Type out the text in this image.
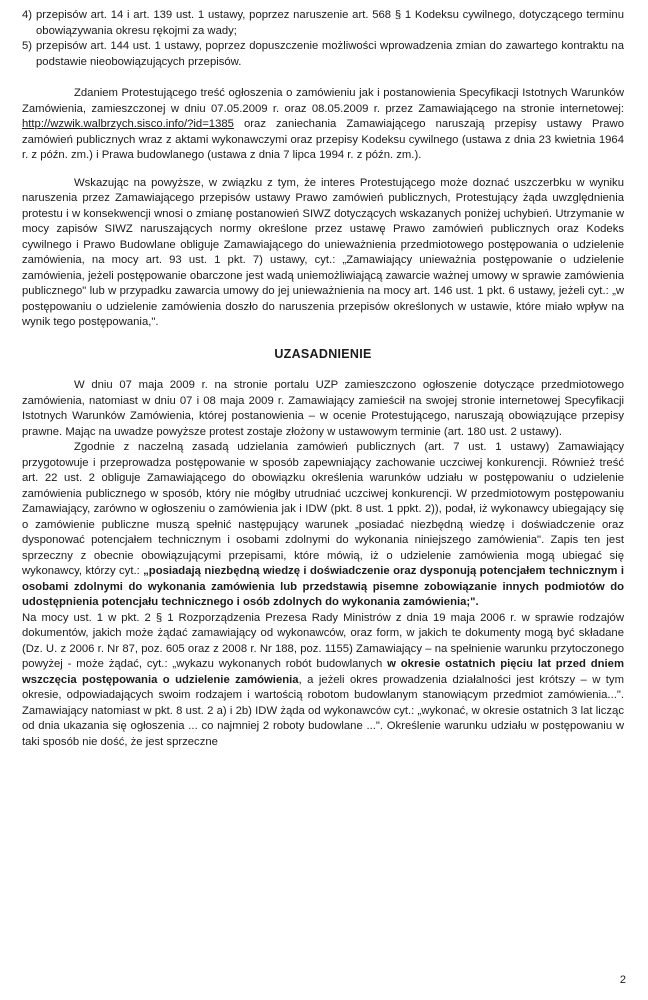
4) przepisów art. 14 i art. 139 ust. 1 ustawy, poprzez naruszenie art. 568 § 1 Kodeksu cywilnego, dotyczącego terminu obowiązywania okresu rękojmi za wady;
5) przepisów art. 144 ust. 1 ustawy, poprzez dopuszczenie możliwości wprowadzenia zmian do zawartego kontraktu na podstawie nieobowiązujących przepisów.

Zdaniem Protestującego treść ogłoszenia o zamówieniu jak i postanowienia Specyfikacji Istotnych Warunków Zamówienia, zamieszczonej w dniu 07.05.2009 r. oraz 08.05.2009 r. przez Zamawiającego na stronie internetowej: http://wzwik.walbrzych.sisco.info/?id=1385 oraz zaniechania Zamawiającego naruszają przepisy ustawy Prawo zamówień publicznych wraz z aktami wykonawczymi oraz przepisy Kodeksu cywilnego (ustawa z dnia 23 kwietnia 1964 r. z późn. zm.) i Prawa budowlanego (ustawa z dnia 7 lipca 1994 r. z późn. zm.).

Wskazując na powyższe, w związku z tym, że interes Protestującego może doznać uszczerbku w wyniku naruszenia przez Zamawiającego przepisów ustawy Prawo zamówień publicznych, Protestujący żąda uwzględnienia protestu i w konsekwencji wnosi o zmianę postanowień SIWZ dotyczących wskazanych poniżej uchybień. Utrzymanie w mocy zapisów SIWZ naruszających normy określone przez ustawę Prawo zamówień publicznych oraz Kodeks cywilnego i Prawo Budowlane obliguje Zamawiającego do unieważnienia przedmiotowego postępowania o udzielenie zamówienia, na mocy art. 93 ust. 1 pkt. 7) ustawy, cyt.: „Zamawiający unieważnia postępowanie o udzielenie zamówienia, jeżeli postępowanie obarczone jest wadą uniemożliwiającą zawarcie ważnej umowy w sprawie zamówienia publicznego" lub w przypadku zawarcia umowy do jej unieważnienia na mocy art. 146 ust. 1 pkt. 6 ustawy, jeżeli cyt.: „w postępowaniu o udzielenie zamówienia doszło do naruszenia przepisów określonych w ustawie, które miało wpływ na wynik tego postępowania,".

UZASADNIENIE

W dniu 07 maja 2009 r. na stronie portalu UZP zamieszczono ogłoszenie dotyczące przedmiotowego zamówienia, natomiast w dniu 07 i 08 maja 2009 r. Zamawiający zamieścił na swojej stronie internetowej Specyfikacji Istotnych Warunków Zamówienia, której postanowienia – w ocenie Protestującego, naruszają obowiązujące przepisy prawne. Mając na uwadze powyższe protest zostaje złożony w ustawowym terminie (art. 180 ust. 2 ustawy).

Zgodnie z naczelną zasadą udzielania zamówień publicznych (art. 7 ust. 1 ustawy) Zamawiający przygotowuje i przeprowadza postępowanie w sposób zapewniający zachowanie uczciwej konkurencji. Również treść art. 22 ust. 2 obliguje Zamawiającego do obowiązku określenia warunków udziału w postępowaniu o udzielenie zamówienia publicznego w sposób, który nie mógłby utrudniać uczciwej konkurencji. W przedmiotowym postępowaniu Zamawiający, zarówno w ogłoszeniu o zamówienia jak i IDW (pkt. 8 ust. 1 ppkt. 2)), podał, iż wykonawcy ubiegający się o zamówienie publiczne muszą spełnić następujący warunek „posiadać niezbędną wiedzę i doświadczenie oraz dysponować potencjałem technicznym i osobami zdolnymi do wykonania niniejszego zamówienia". Zapis ten jest sprzeczny z obecnie obowiązującymi przepisami, które mówią, iż o udzielenie zamówienia mogą ubiegać się wykonawcy, którzy cyt.: „posiadają niezbędną wiedzę i doświadczenie oraz dysponują potencjałem technicznym i osobami zdolnymi do wykonania zamówienia lub przedstawią pisemne zobowiązanie innych podmiotów do udostępnienia potencjału technicznego i osób zdolnych do wykonania zamówienia;".

Na mocy ust. 1 w pkt. 2 § 1 Rozporządzenia Prezesa Rady Ministrów z dnia 19 maja 2006 r. w sprawie rodzajów dokumentów, jakich może żądać zamawiający od wykonawców, oraz form, w jakich te dokumenty mogą być składane (Dz. U. z 2006 r. Nr 87, poz. 605 oraz z 2008 r. Nr 188, poz. 1155) Zamawiający – na spełnienie warunku przytoczonego powyżej - może żądać, cyt.: „wykazu wykonanych robót budowlanych w okresie ostatnich pięciu lat przed dniem wszczęcia postępowania o udzielenie zamówienia, a jeżeli okres prowadzenia działalności jest krótszy – w tym okresie, odpowiadających swoim rodzajem i wartością robotom budowlanym stanowiącym przedmiot zamówienia...". Zamawiający natomiast w pkt. 8 ust. 2 a) i 2b) IDW żąda od wykonawców cyt.: „wykonać, w okresie ostatnich 3 lat licząc od dnia ukazania się ogłoszenia ... co najmniej 2 roboty budowlane ...". Określenie warunku udziału w postępowaniu w taki sposób nie dość, że jest sprzeczne

2
